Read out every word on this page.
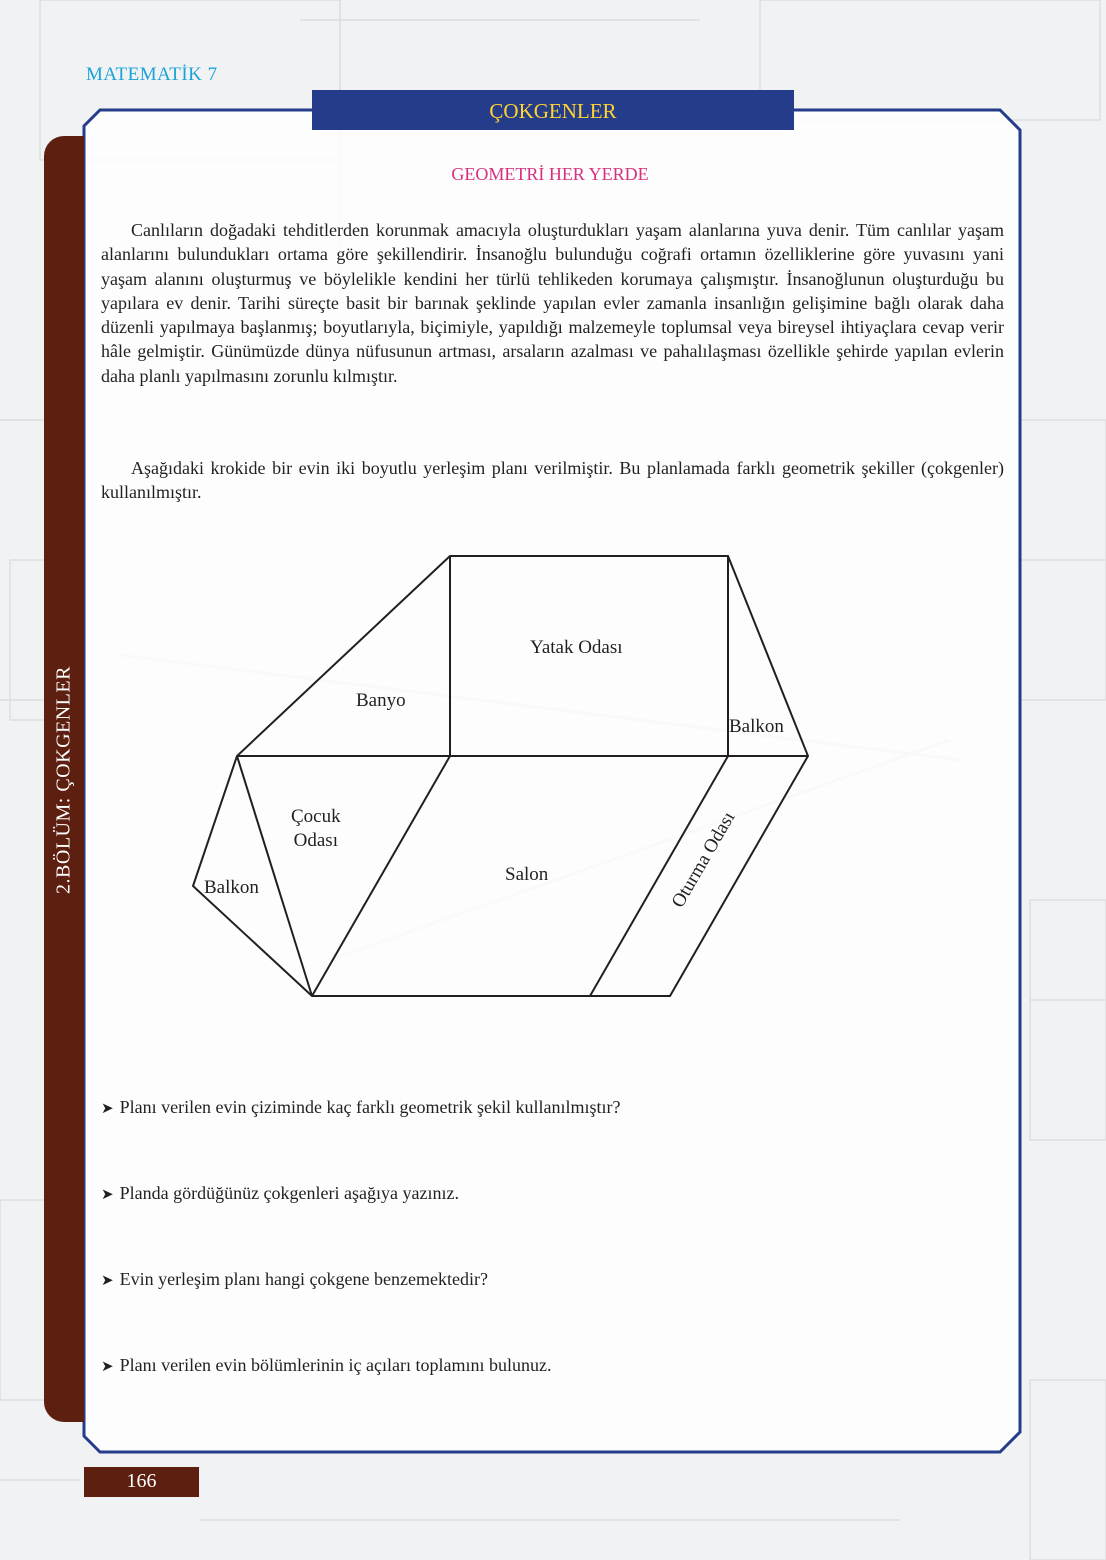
MATEMATİK 7
2.BÖLÜM: ÇOKGENLER
ÇOKGENLER
GEOMETRİ HER YERDE

Canlıların doğadaki tehditlerden korunmak amacıyla oluşturdukları yaşam alanlarına yuva denir. Tüm canlılar yaşam alanlarını bulundukları ortama göre şekillendirir. İnsanoğlu bulunduğu coğrafi ortamın özelliklerine göre yuvasını yani yaşam alanını oluşturmuş ve böylelikle kendini her türlü tehlikeden korumaya çalışmıştır. İnsanoğlunun oluşturduğu bu yapılara ev denir. Tarihi süreçte basit bir barınak şeklinde yapılan evler zamanla insanlığın gelişimine bağlı olarak daha düzenli yapılmaya başlanmış; boyutlarıyla, biçimiyle, yapıldığı malzemeyle toplumsal veya bireysel ihtiyaçlara cevap verir hâle gelmiştir. Günümüzde dünya nüfusunun artması, arsaların azalması ve pahalılaşması özellikle şehirde yapılan evlerin daha planlı yapılmasını zorunlu kılmıştır.

Aşağıdaki krokide bir evin iki boyutlu yerleşim planı verilmiştir. Bu planlamada farklı geometrik şekiller (çokgenler) kullanılmıştır.

Yatak Odası
Banyo
Balkon
Çocuk
Odası
Balkon
Salon	Oturma Odası
➤ Planı verilen evin çiziminde kaç farklı geometrik şekil kullanılmıştır?
➤ Planda gördüğünüz çokgenleri aşağıya yazınız.
➤ Evin yerleşim planı hangi çokgene benzemektedir?
➤ Planı verilen evin bölümlerinin iç açıları toplamını bulunuz.
166
